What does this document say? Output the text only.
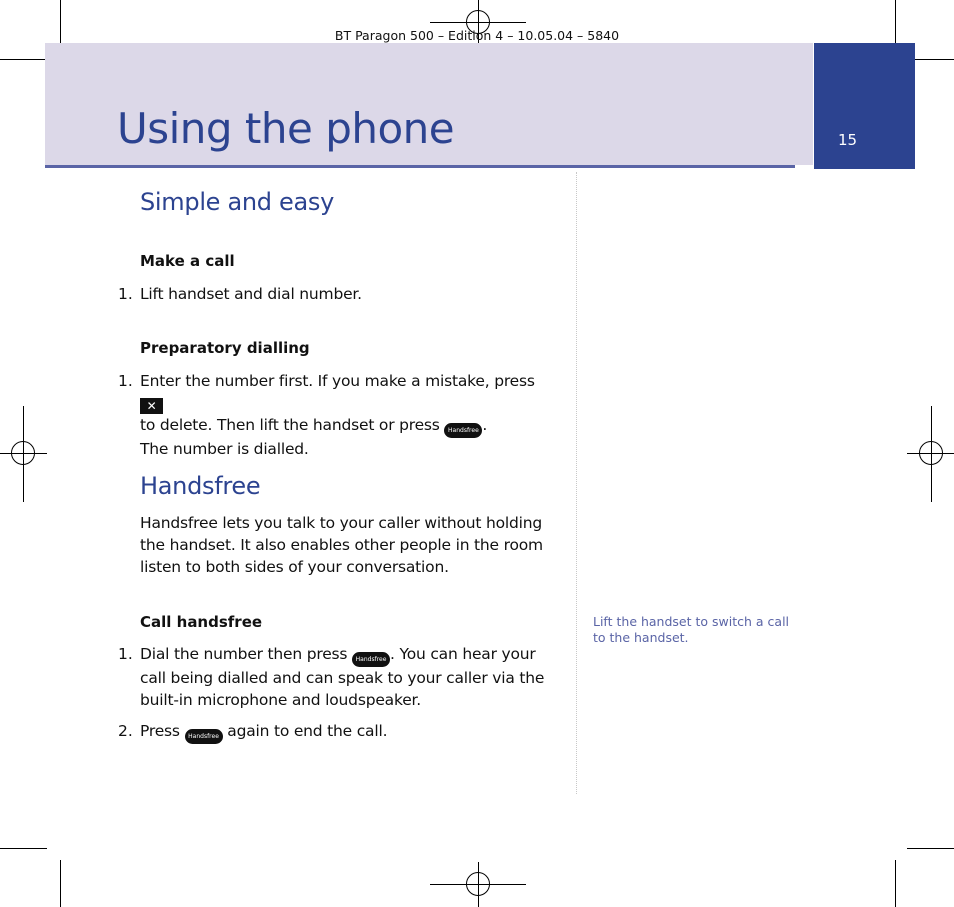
BT Paragon 500 – Edition 4 – 10.05.04 – 5840
Using the phone	15
Simple and easy
Make a call
1. Lift handset and dial number.
Preparatory dialling
1. Enter the number first. If you make a mistake, press ✕
to delete. Then lift the handset or press Handsfree .
The number is dialled.
Handsfree
Handsfree lets you talk to your caller without holding the handset. It also enables other people in the room listen to both sides of your conversation.
Call handsfree
1. Dial the number then press Handsfree . You can hear your call being dialled and can speak to your caller via the built-in microphone and loudspeaker.
2. Press Handsfree again to end the call.
Lift the handset to switch a call to the handset.
